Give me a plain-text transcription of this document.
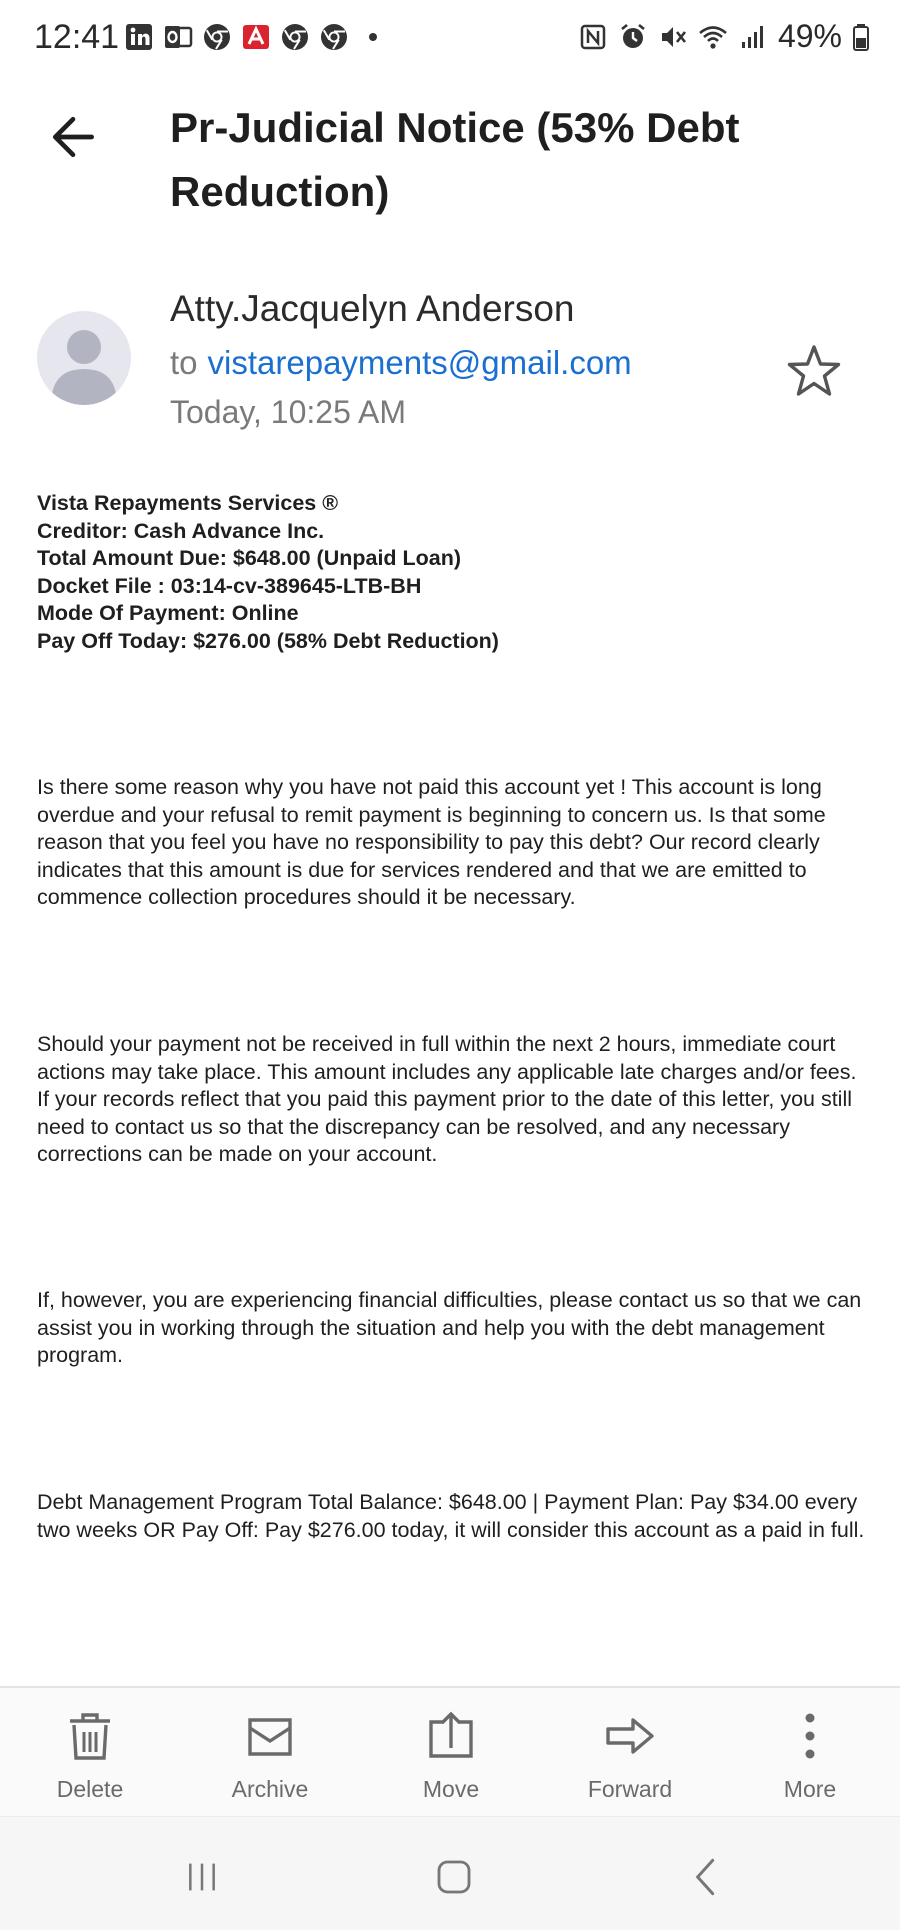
12:41	49%
Pr-Judicial Notice (53% Debt Reduction)
Atty.Jacquelyn Anderson
to vistarepayments@gmail.com
Today, 10:25 AM
Vista Repayments Services ®
Creditor: Cash Advance Inc.
Total Amount Due: $648.00 (Unpaid Loan)
Docket File : 03:14-cv-389645-LTB-BH
Mode Of Payment: Online
Pay Off Today: $276.00 (58% Debt Reduction)

Is there some reason why you have not paid this account yet ! This account is long overdue and your refusal to remit payment is beginning to concern us. Is that some reason that you feel you have no responsibility to pay this debt? Our record clearly indicates that this amount is due for services rendered and that we are emitted to commence collection procedures should it be necessary.

Should your payment not be received in full within the next 2 hours, immediate court actions may take place. This amount includes any applicable late charges and/or fees. If your records reflect that you paid this payment prior to the date of this letter, you still need to contact us so that the discrepancy can be resolved, and any necessary corrections can be made on your account.

If, however, you are experiencing financial difficulties, please contact us so that we can assist you in working through the situation and help you with the debt management program.

Debt Management Program Total Balance: $648.00 | Payment Plan: Pay $34.00 every two weeks OR Pay Off: Pay $276.00 today, it will consider this account as a paid in full.

Delete	Archive	Move	Forward	More
